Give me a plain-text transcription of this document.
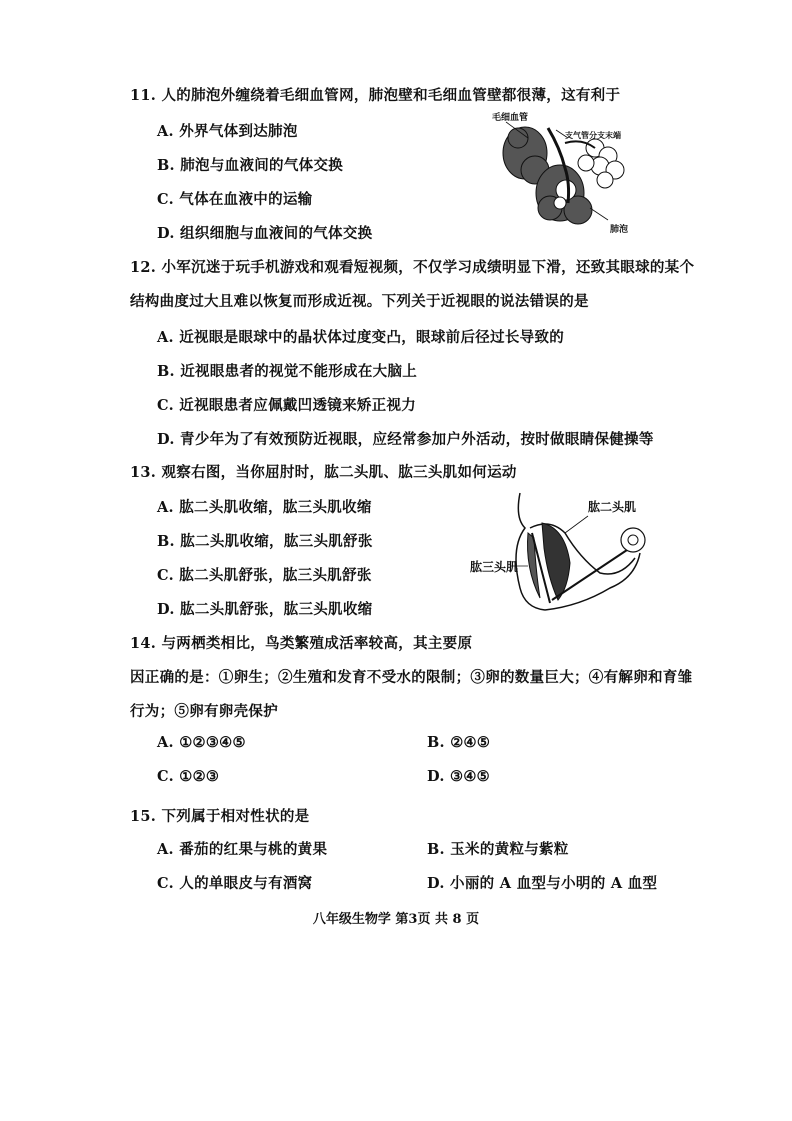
11. 人的肺泡外缠绕着毛细血管网，肺泡壁和毛细血管壁都很薄，这有利于
A. 外界气体到达肺泡
B. 肺泡与血液间的气体交换
C. 气体在血液中的运输
D. 组织细胞与血液间的气体交换
毛细血管
支气管分支末端
肺泡
12. 小军沉迷于玩手机游戏和观看短视频，不仅学习成绩明显下滑，还致其眼球的某个
结构曲度过大且难以恢复而形成近视。下列关于近视眼的说法错误的是
A. 近视眼是眼球中的晶状体过度变凸，眼球前后径过长导致的
B. 近视眼患者的视觉不能形成在大脑上
C. 近视眼患者应佩戴凹透镜来矫正视力
D. 青少年为了有效预防近视眼，应经常参加户外活动，按时做眼睛保健操等
13. 观察右图，当你屈肘时，肱二头肌、肱三头肌如何运动
A. 肱二头肌收缩，肱三头肌收缩
B. 肱二头肌收缩，肱三头肌舒张
C. 肱二头肌舒张，肱三头肌舒张
D. 肱二头肌舒张，肱三头肌收缩
肱二头肌
肱三头肌
14. 与两栖类相比，鸟类繁殖成活率较高，其主要原
因正确的是：①卵生；②生殖和发育不受水的限制；③卵的数量巨大；④有解卵和育雏
行为；⑤卵有卵壳保护
A. ①②③④⑤	B. ②④⑤
C. ①②③	D. ③④⑤
15. 下列属于相对性状的是
A. 番茄的红果与桃的黄果	B. 玉米的黄粒与紫粒
C. 人的单眼皮与有酒窝	D. 小丽的 A 血型与小明的 A 血型
八年级生物学 第3页 共 8 页
